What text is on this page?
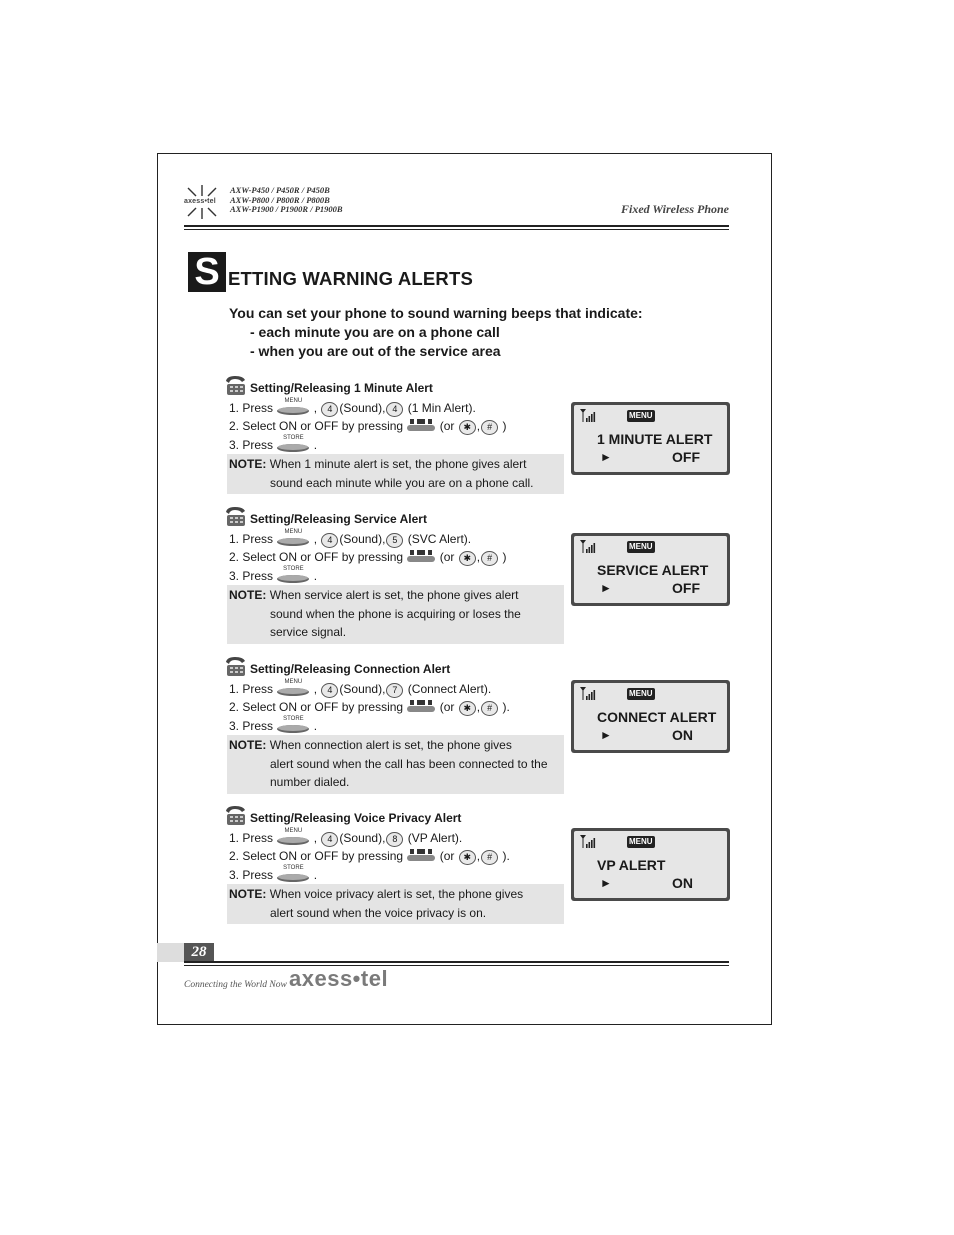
axess•tel
AXW-P450 / P450R / P450B
AXW-P800 / P800R / P800B
AXW-P1900 / P1900R / P1900B	Fixed Wireless Phone
S ETTING WARNING ALERTS
You can set your phone to sound warning beeps that indicate:
- each minute you are on a phone call
- when you are out of the service area
Setting/Releasing 1 Minute Alert
1. Press	MENU , 4 (Sound), 4 (1 Min Alert).
2. Select ON or OFF by pressing	(or ✱ , # )
3. Press	STORE .
NOTE: When 1 minute alert is set, the phone gives alert
sound each minute while you are on a phone call.
MENU
1 MINUTE ALERT
►	OFF
Setting/Releasing Service Alert
1. Press	MENU , 4 (Sound), 5 (SVC Alert).
2. Select ON or OFF by pressing	(or ✱ , # )
3. Press	STORE .
NOTE: When service alert is set, the phone gives alert
sound when the phone is acquiring or loses the
service signal.
MENU
SERVICE ALERT
►	OFF
Setting/Releasing Connection Alert
1. Press	MENU , 4 (Sound), 7 (Connect Alert).
2. Select ON or OFF by pressing	(or ✱ , # ).
3. Press	STORE .
NOTE: When connection alert is set, the phone gives
alert sound when the call has been connected to the
number dialed.
MENU
CONNECT ALERT
►	ON
Setting/Releasing Voice Privacy Alert
1. Press	MENU , 4 (Sound), 8 (VP Alert).
2. Select ON or OFF by pressing	(or ✱ , # ).
3. Press	STORE .
NOTE: When voice privacy alert is set, the phone gives
alert sound when the voice privacy is on.
MENU
VP ALERT
►	ON
28
Connecting the World Now axess•tel
